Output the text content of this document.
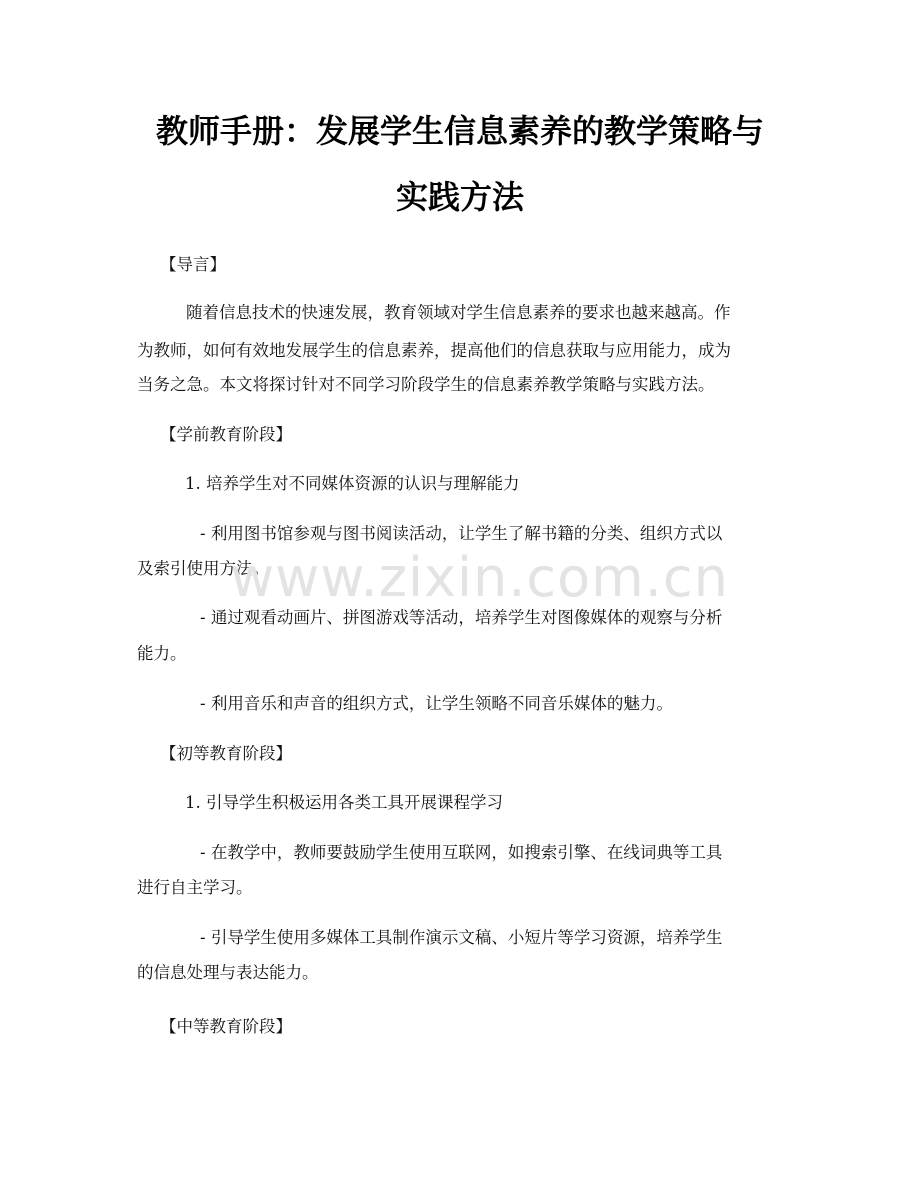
教师手册：发展学生信息素养的教学策略与
实践方法

【导言】

随着信息技术的快速发展，教育领域对学生信息素养的要求也越来越高。作

为教师，如何有效地发展学生的信息素养，提高他们的信息获取与应用能力，成为

当务之急。本文将探讨针对不同学习阶段学生的信息素养教学策略与实践方法。

【学前教育阶段】

1. 培养学生对不同媒体资源的认识与理解能力

- 利用图书馆参观与图书阅读活动，让学生了解书籍的分类、组织方式以

及索引使用方法。

- 通过观看动画片、拼图游戏等活动，培养学生对图像媒体的观察与分析

能力。

- 利用音乐和声音的组织方式，让学生领略不同音乐媒体的魅力。

【初等教育阶段】

1. 引导学生积极运用各类工具开展课程学习

- 在教学中，教师要鼓励学生使用互联网，如搜索引擎、在线词典等工具

进行自主学习。

- 引导学生使用多媒体工具制作演示文稿、小短片等学习资源，培养学生

的信息处理与表达能力。

【中等教育阶段】

www.zixin.com.cn
